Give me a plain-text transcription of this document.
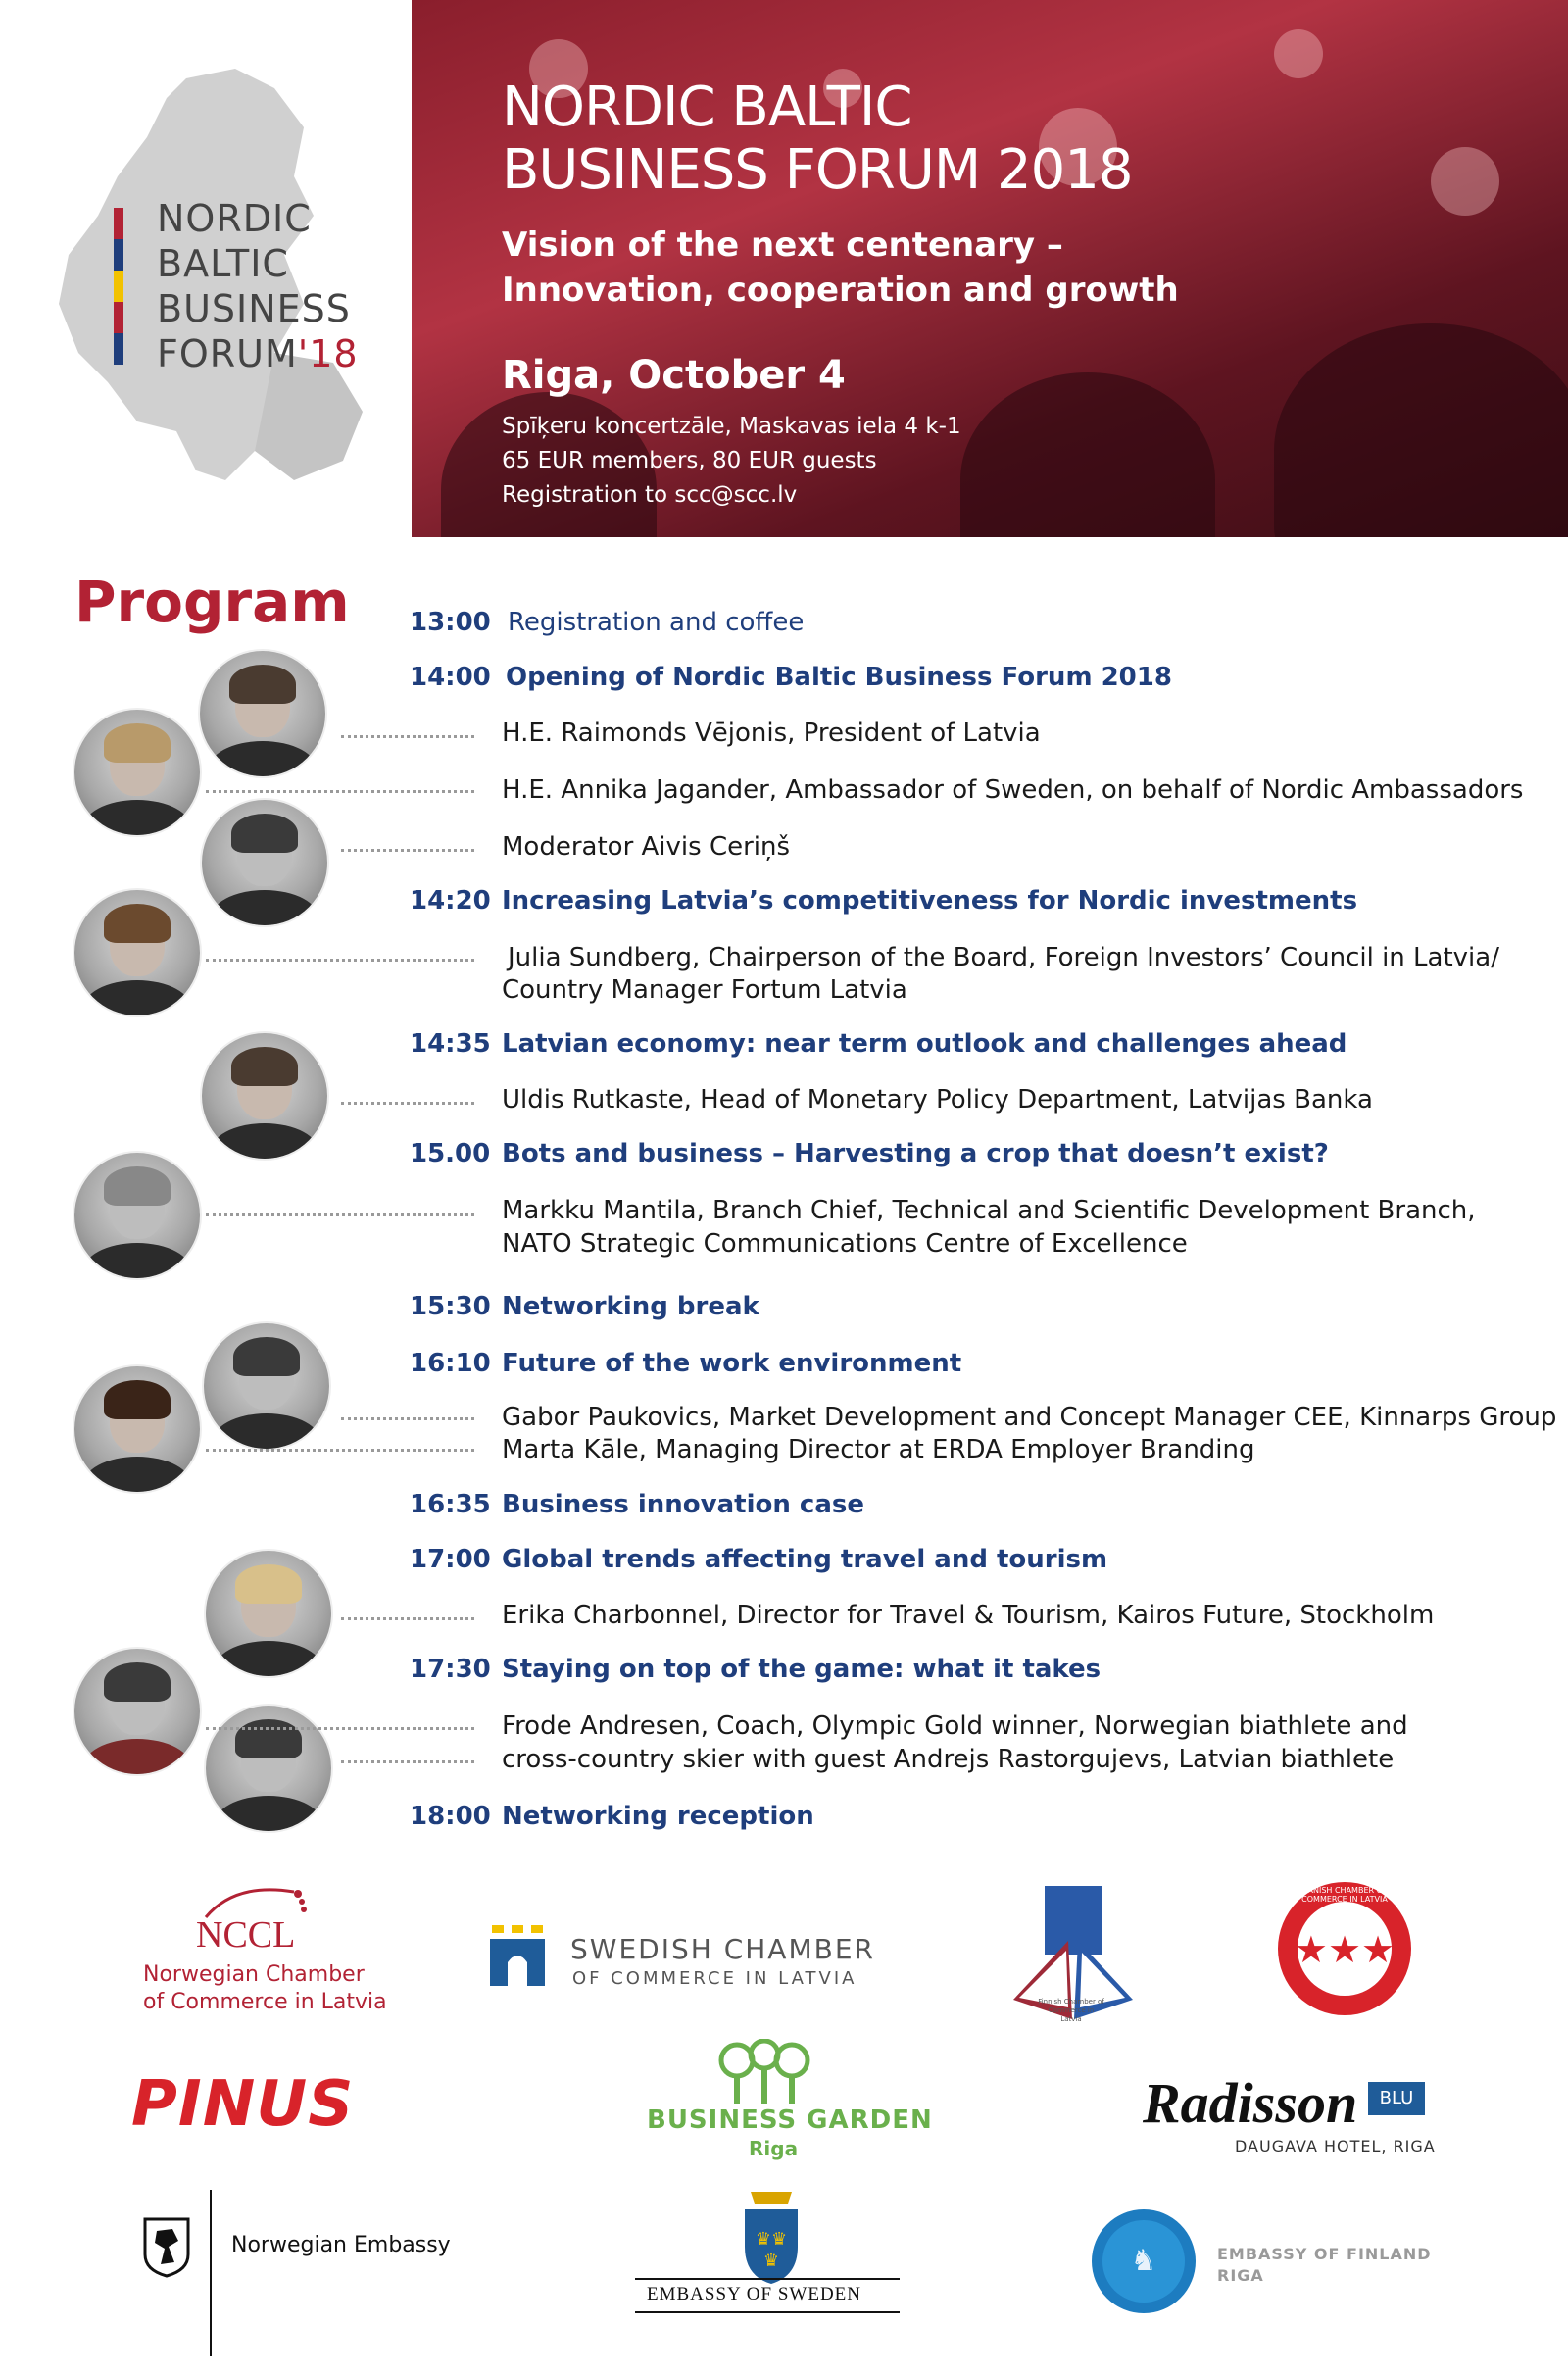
NORDIC
BALTIC
BUSINESS
FORUM'18
NORDIC BALTIC
BUSINESS FORUM 2018
Vision of the next centenary –
Innovation, cooperation and growth
Riga, October 4
Spīķeru koncertzāle, Maskavas iela 4 k-1
65 EUR members, 80 EUR guests
Registration to scc@scc.lv
Program 13:00 Registration and coffee
14:00 Opening of Nordic Baltic Business Forum 2018
H.E. Raimonds Vējonis, President of Latvia
H.E. Annika Jagander, Ambassador of Sweden, on behalf of Nordic Ambassadors
Moderator Aivis Ceriņš
14:20 Increasing Latvia’s competitiveness for Nordic investments
Julia Sundberg, Chairperson of the Board, Foreign Investors’ Council in Latvia/
Country Manager Fortum Latvia
14:35 Latvian economy: near term outlook and challenges ahead
Uldis Rutkaste, Head of Monetary Policy Department, Latvijas Banka
15.00 Bots and business – Harvesting a crop that doesn’t exist?
Markku Mantila, Branch Chief, Technical and Scientific Development Branch,
NATO Strategic Communications Centre of Excellence
15:30 Networking break
16:10 Future of the work environment
Gabor Paukovics, Market Development and Concept Manager CEE, Kinnarps Group
Marta Kāle, Managing Director at ERDA Employer Branding
16:35 Business innovation case
17:00 Global trends affecting travel and tourism
Erika Charbonnel, Director for Travel & Tourism, Kairos Future, Stockholm
17:30 Staying on top of the game: what it takes
Frode Andresen, Coach, Olympic Gold winner, Norwegian biathlete and
cross-country skier with guest Andrejs Rastorgujevs, Latvian biathlete
18:00 Networking reception
NCCL
Norwegian Chamber
of Commerce in Latvia
SWEDISH CHAMBER
OF COMMERCE IN LATVIA
Finnish Chamber of Commerce in Latvia
★★★
DANISH CHAMBER OF COMMERCE IN LATVIA
PINUS	BUSINESS GARDEN
Riga
Radisson	BLU
DAUGAVA HOTEL, RIGA
Norwegian Embassy	♛♛
♛
EMBASSY OF SWEDEN
♞	EMBASSY OF FINLAND
RIGA
